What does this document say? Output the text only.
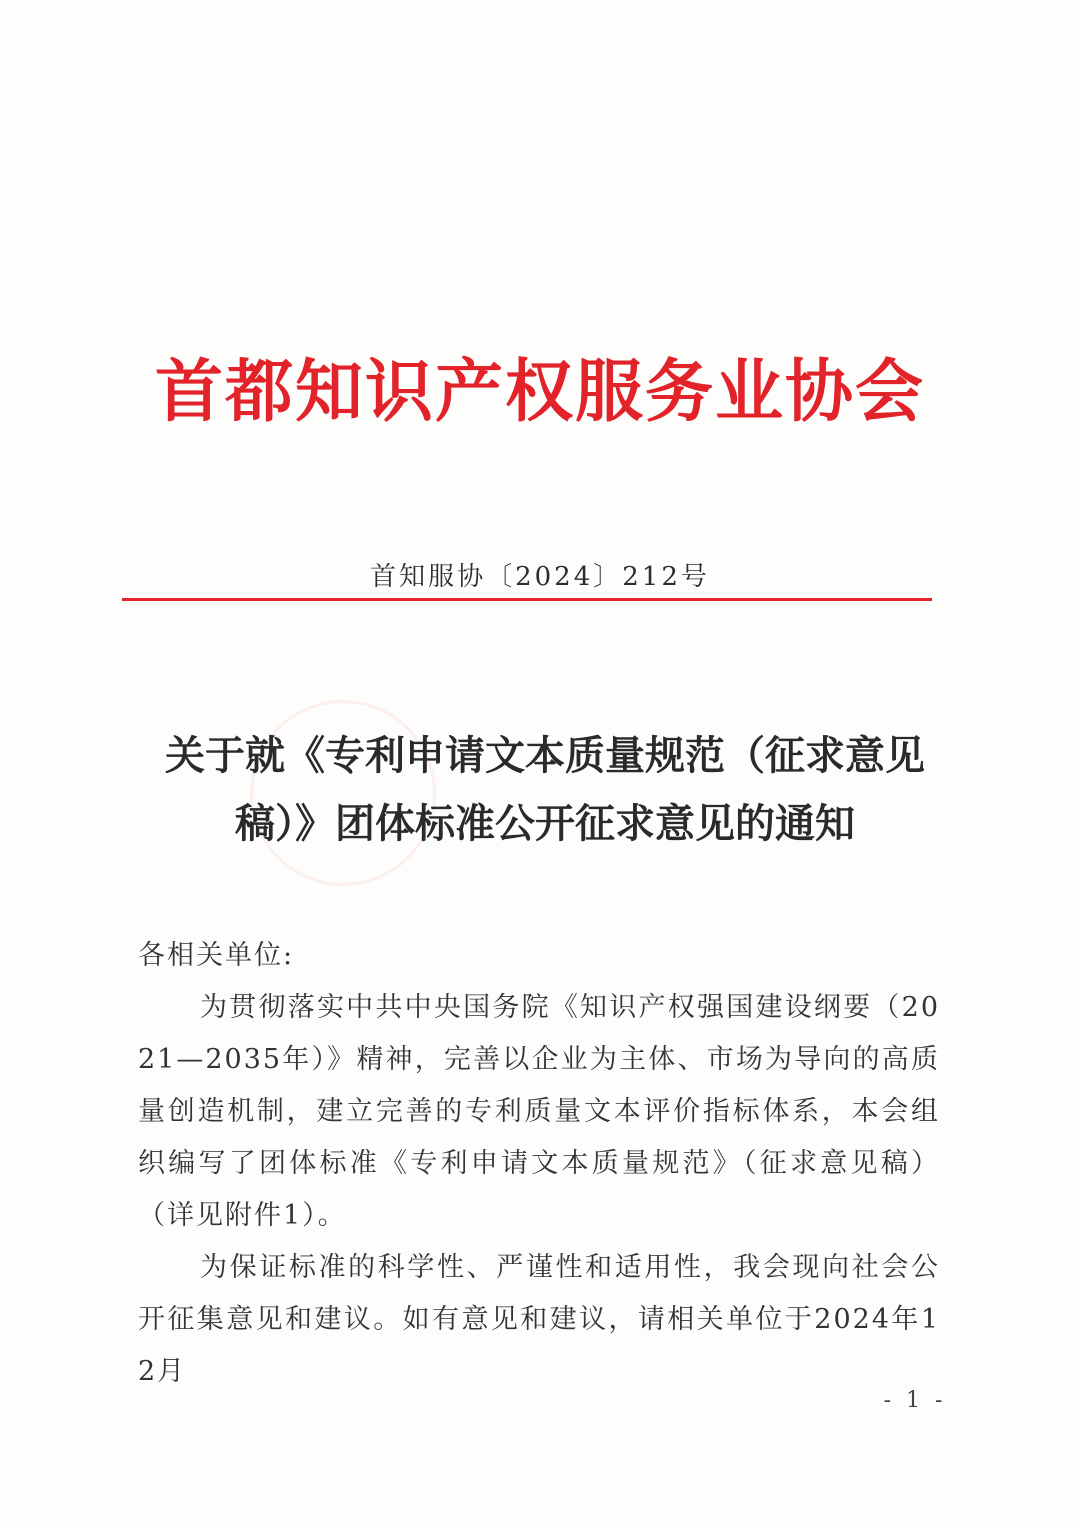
首都知识产权服务业协会
首知服协〔2024〕212号
关于就《专利申请文本质量规范（征求意见
稿）》团体标准公开征求意见的通知

各相关单位:

为贯彻落实中共中央国务院《知识产权强国建设纲要（2021—2035年）》精神，完善以企业为主体、市场为导向的高质量创造机制，建立完善的专利质量文本评价指标体系，本会组织编写了团体标准《专利申请文本质量规范》（征求意见稿）（详见附件1）。

为保证标准的科学性、严谨性和适用性，我会现向社会公开征集意见和建议。如有意见和建议，请相关单位于2024年12月

- 1 -
